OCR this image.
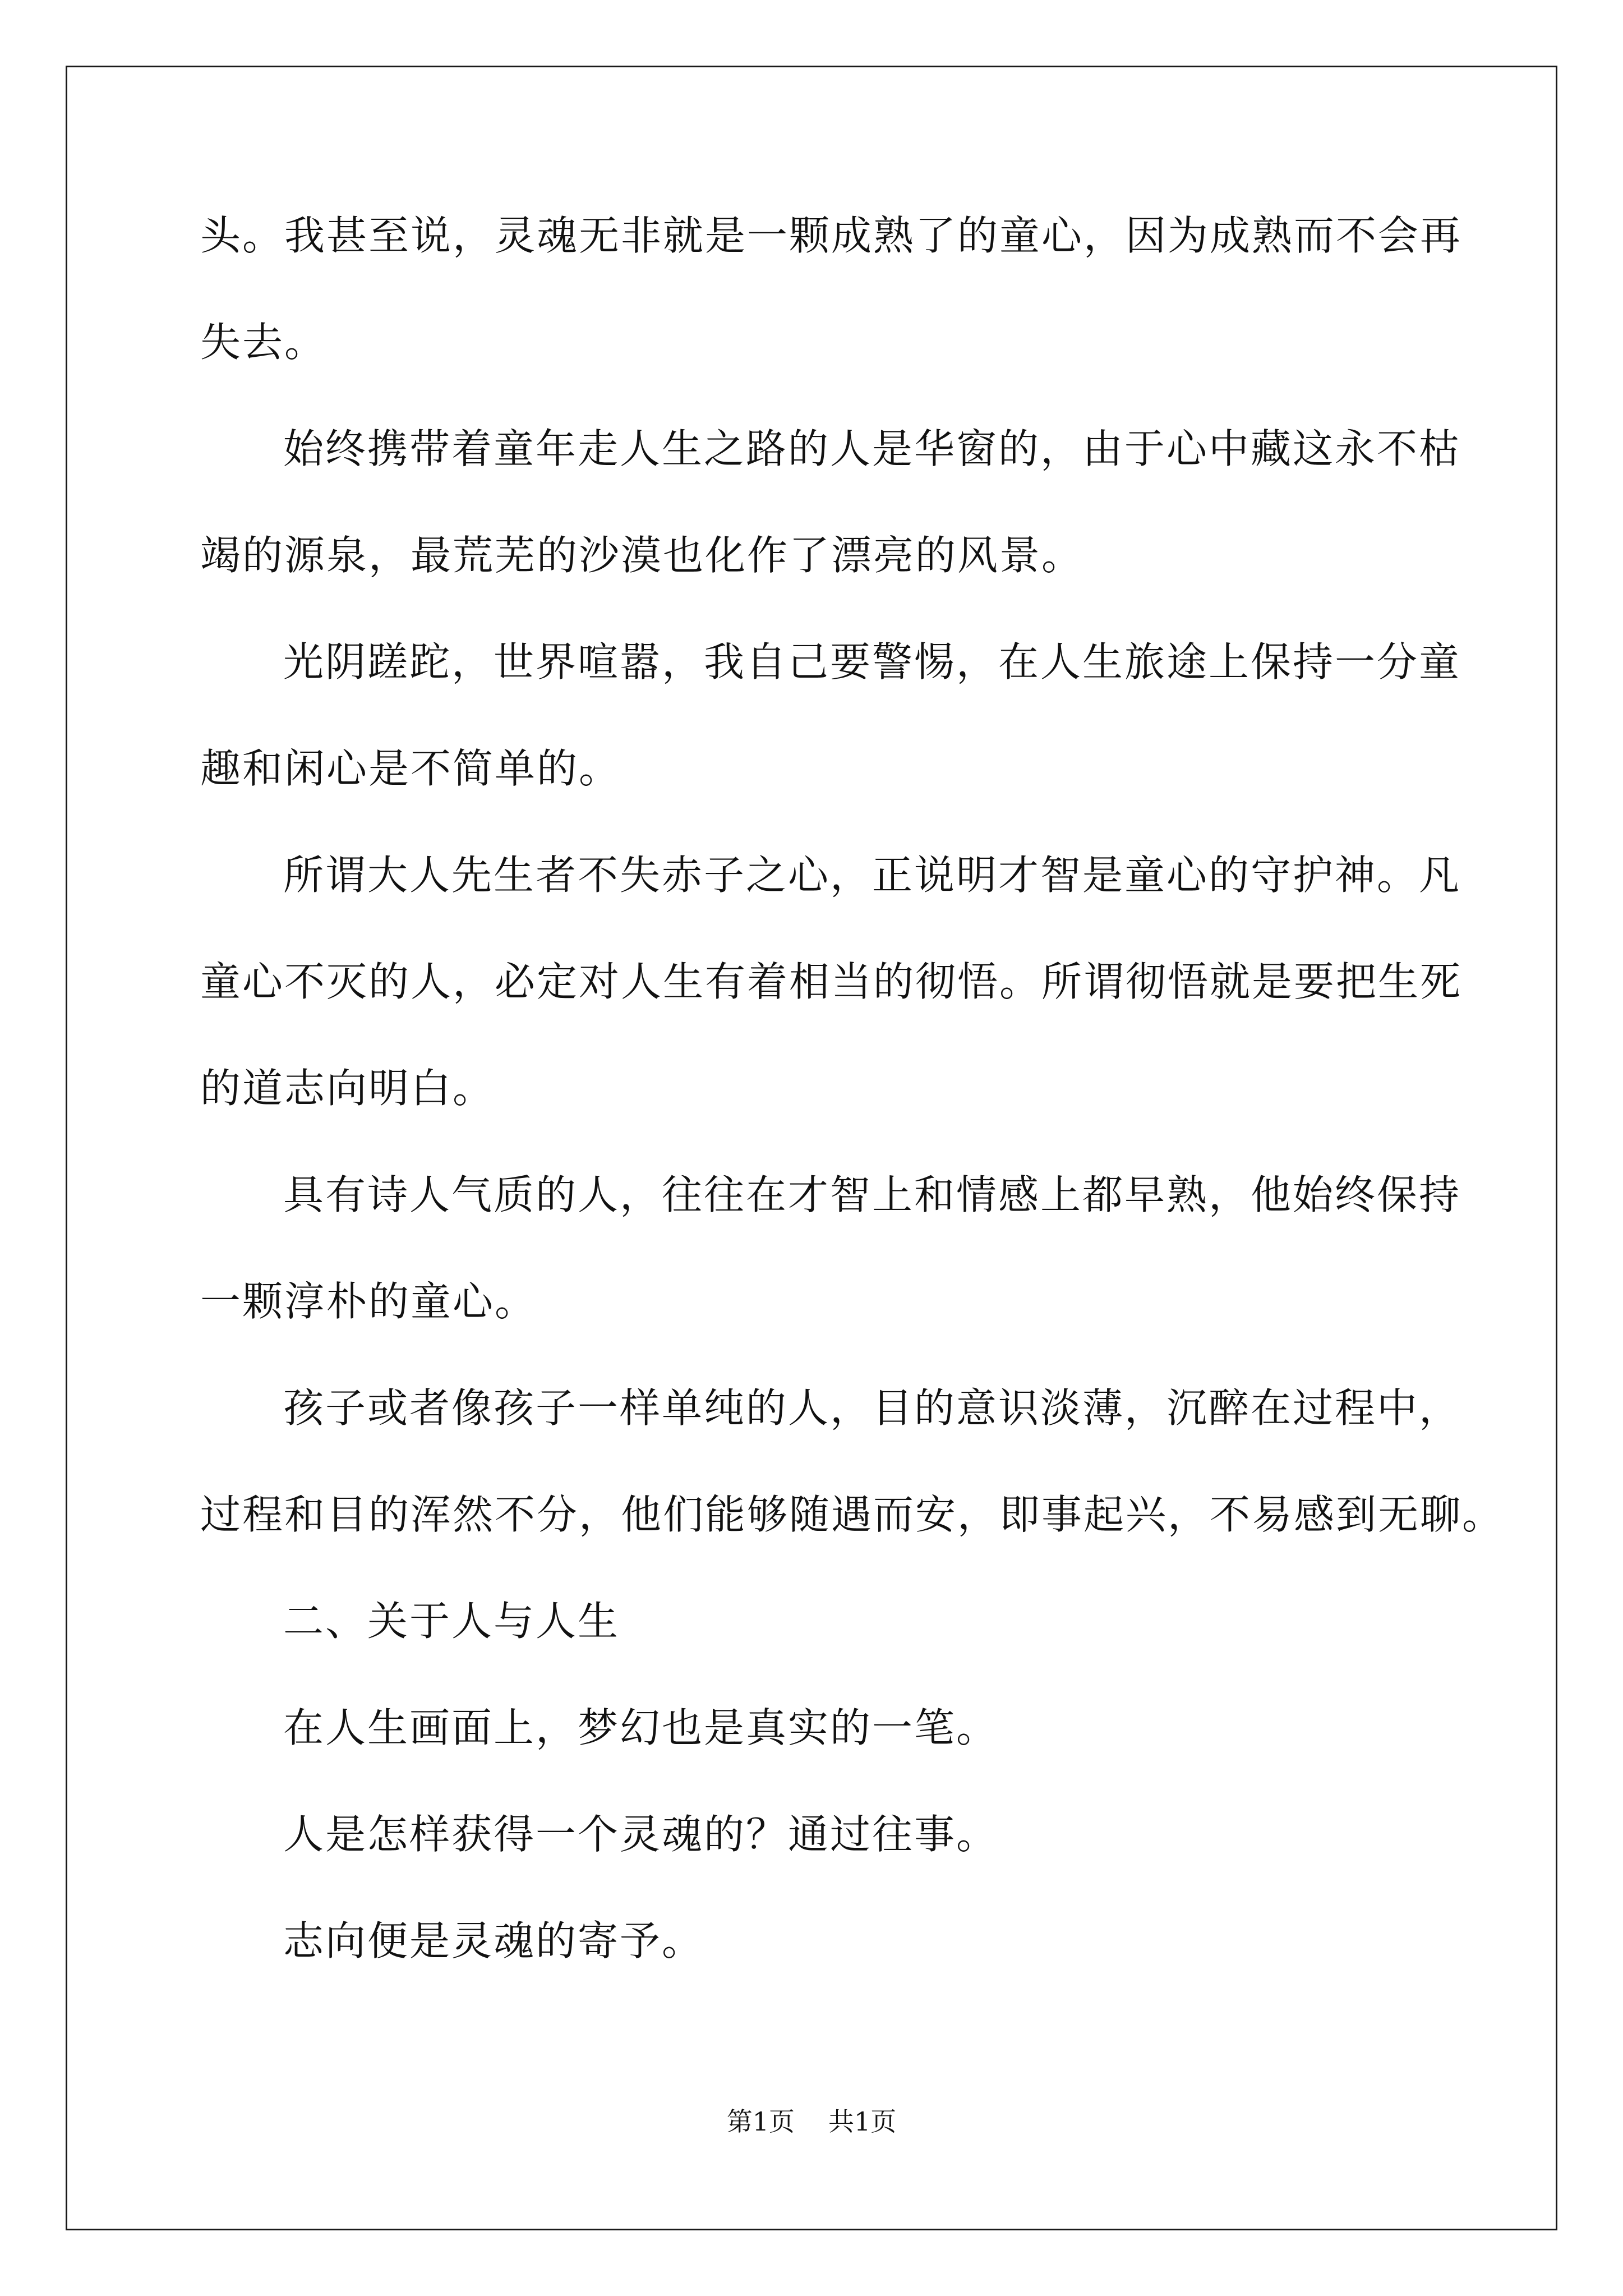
头。我甚至说，灵魂无非就是一颗成熟了的童心，因为成熟而不会再
失去。
始终携带着童年走人生之路的人是华窗的，由于心中藏这永不枯
竭的源泉，最荒芜的沙漠也化作了漂亮的风景。
光阴蹉跎，世界喧嚣，我自己要警惕，在人生旅途上保持一分童
趣和闲心是不简单的。
所谓大人先生者不失赤子之心，正说明才智是童心的守护神。凡
童心不灭的人，必定对人生有着相当的彻悟。所谓彻悟就是要把生死
的道志向明白。
具有诗人气质的人，往往在才智上和情感上都早熟，他始终保持
一颗淳朴的童心。
孩子或者像孩子一样单纯的人，目的意识淡薄，沉醉在过程中，
过程和目的浑然不分，他们能够随遇而安，即事起兴，不易感到无聊。
二、关于人与人生
在人生画面上，梦幻也是真实的一笔。
人是怎样获得一个灵魂的？通过往事。
志向便是灵魂的寄予。
第1页 共1页
